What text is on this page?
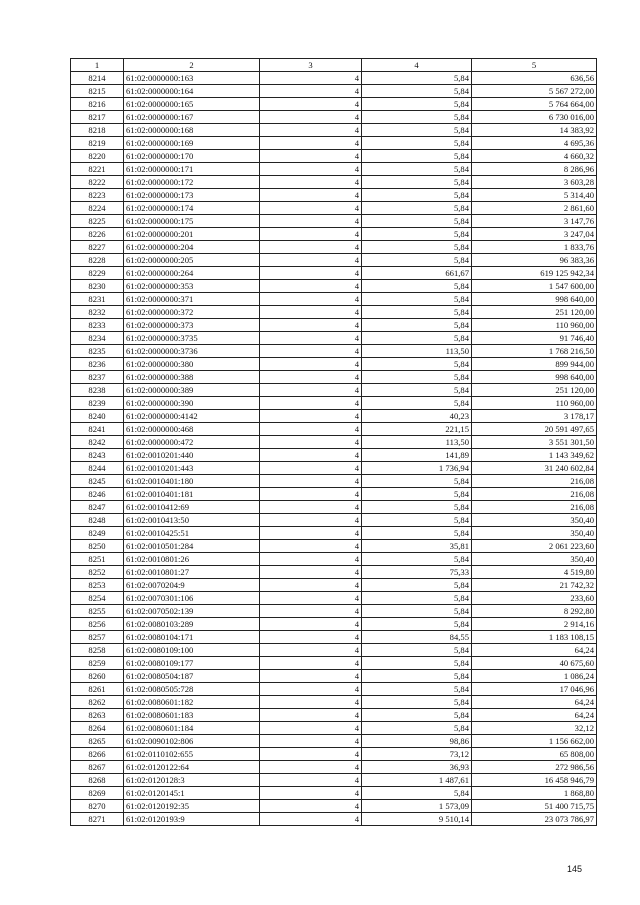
1	2	3	4	5
8214	61:02:0000000:163	4	5,84	636,56
8215	61:02:0000000:164	4	5,84	5 567 272,00
8216	61:02:0000000:165	4	5,84	5 764 664,00
8217	61:02:0000000:167	4	5,84	6 730 016,00
8218	61:02:0000000:168	4	5,84	14 383,92
8219	61:02:0000000:169	4	5,84	4 695,36
8220	61:02:0000000:170	4	5,84	4 660,32
8221	61:02:0000000:171	4	5,84	8 286,96
8222	61:02:0000000:172	4	5,84	3 603,28
8223	61:02:0000000:173	4	5,84	5 314,40
8224	61:02:0000000:174	4	5,84	2 861,60
8225	61:02:0000000:175	4	5,84	3 147,76
8226	61:02:0000000:201	4	5,84	3 247,04
8227	61:02:0000000:204	4	5,84	1 833,76
8228	61:02:0000000:205	4	5,84	96 383,36
8229	61:02:0000000:264	4	661,67	619 125 942,34
8230	61:02:0000000:353	4	5,84	1 547 600,00
8231	61:02:0000000:371	4	5,84	998 640,00
8232	61:02:0000000:372	4	5,84	251 120,00
8233	61:02:0000000:373	4	5,84	110 960,00
8234	61:02:0000000:3735	4	5,84	91 746,40
8235	61:02:0000000:3736	4	113,50	1 768 216,50
8236	61:02:0000000:380	4	5,84	899 944,00
8237	61:02:0000000:388	4	5,84	998 640,00
8238	61:02:0000000:389	4	5,84	251 120,00
8239	61:02:0000000:390	4	5,84	110 960,00
8240	61:02:0000000:4142	4	40,23	3 178,17
8241	61:02:0000000:468	4	221,15	20 591 497,65
8242	61:02:0000000:472	4	113,50	3 551 301,50
8243	61:02:0010201:440	4	141,89	1 143 349,62
8244	61:02:0010201:443	4	1 736,94	31 240 602,84
8245	61:02:0010401:180	4	5,84	216,08
8246	61:02:0010401:181	4	5,84	216,08
8247	61:02:0010412:69	4	5,84	216,08
8248	61:02:0010413:50	4	5,84	350,40
8249	61:02:0010425:51	4	5,84	350,40
8250	61:02:0010501:284	4	35,81	2 061 223,60
8251	61:02:0010801:26	4	5,84	350,40
8252	61:02:0010801:27	4	75,33	4 519,80
8253	61:02:0070204:9	4	5,84	21 742,32
8254	61:02:0070301:106	4	5,84	233,60
8255	61:02:0070502:139	4	5,84	8 292,80
8256	61:02:0080103:289	4	5,84	2 914,16
8257	61:02:0080104:171	4	84,55	1 183 108,15
8258	61:02:0080109:100	4	5,84	64,24
8259	61:02:0080109:177	4	5,84	40 675,60
8260	61:02:0080504:187	4	5,84	1 086,24
8261	61:02:0080505:728	4	5,84	17 046,96
8262	61:02:0080601:182	4	5,84	64,24
8263	61:02:0080601:183	4	5,84	64,24
8264	61:02:0080601:184	4	5,84	32,12
8265	61:02:0090102:806	4	98,86	1 156 662,00
8266	61:02:0110102:655	4	73,12	65 808,00
8267	61:02:0120122:64	4	36,93	272 986,56
8268	61:02:0120128:3	4	1 487,61	16 458 946,79
8269	61:02:0120145:1	4	5,84	1 868,80
8270	61:02:0120192:35	4	1 573,09	51 400 715,75
8271	61:02:0120193:9	4	9 510,14	23 073 786,97
145
